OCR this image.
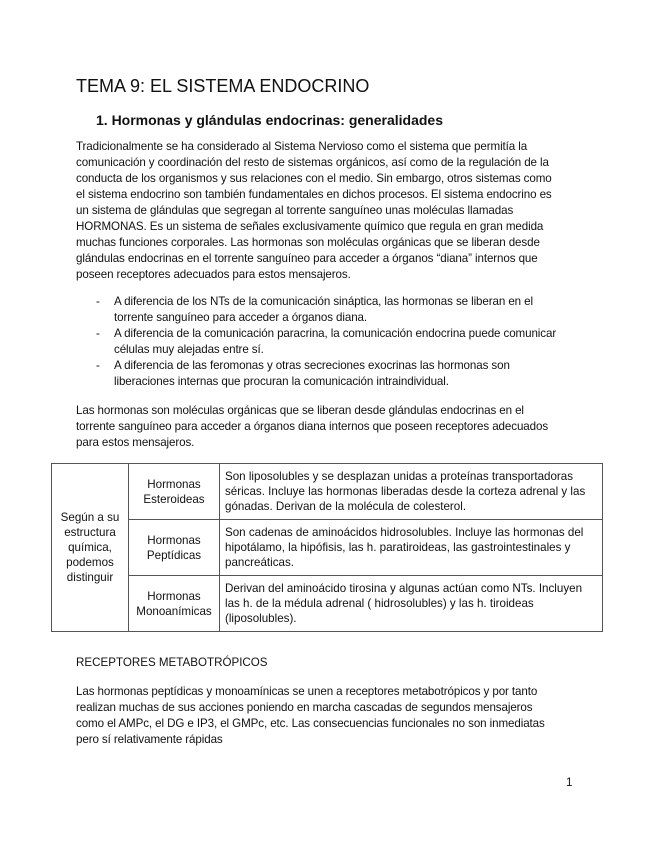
TEMA 9: EL SISTEMA ENDOCRINO
1. Hormonas y glándulas endocrinas: generalidades
Tradicionalmente se ha considerado al Sistema Nervioso como el sistema que permitía la
comunicación y coordinación del resto de sistemas orgánicos, así como de la regulación de la
conducta de los organismos y sus relaciones con el medio. Sin embargo, otros sistemas como
el sistema endocrino son también fundamentales en dichos procesos. El sistema endocrino es
un sistema de glándulas que segregan al torrente sanguíneo unas moléculas llamadas
HORMONAS. Es un sistema de señales exclusivamente químico que regula en gran medida
muchas funciones corporales. Las hormonas son moléculas orgánicas que se liberan desde
glándulas endocrinas en el torrente sanguíneo para acceder a órganos “diana” internos que
poseen receptores adecuados para estos mensajeros.
- A diferencia de los NTs de la comunicación sináptica, las hormonas se liberan en el
torrente sanguíneo para acceder a órganos diana.
- A diferencia de la comunicación paracrina, la comunicación endocrina puede comunicar
células muy alejadas entre sí.
- A diferencia de las feromonas y otras secreciones exocrinas las hormonas son
liberaciones internas que procuran la comunicación intraindividual.
Las hormonas son moléculas orgánicas que se liberan desde glándulas endocrinas en el
torrente sanguíneo para acceder a órganos diana internos que poseen receptores adecuados
para estos mensajeros.
Según a su estructura química, podemos distinguir	Hormonas Esteroideas	Son liposolubles y se desplazan unidas a proteínas transportadoras séricas. Incluye las hormonas liberadas desde la corteza adrenal y las gónadas. Derivan de la molécula de colesterol.
	Hormonas Peptídicas	Son cadenas de aminoácidos hidrosolubles. Incluye las hormonas del hipotálamo, la hipófisis, las h. paratiroideas, las gastrointestinales y pancreáticas.
	Hormonas Monoanímicas	Derivan del aminoácido tirosina y algunas actúan como NTs. Incluyen las h. de la médula adrenal ( hidrosolubles) y las h. tiroideas (liposolubles).
RECEPTORES METABOTRÓPICOS
Las hormonas peptídicas y monoamínicas se unen a receptores metabotrópicos y por tanto
realizan muchas de sus acciones poniendo en marcha cascadas de segundos mensajeros
como el AMPc, el DG e IP3, el GMPc, etc. Las consecuencias funcionales no son inmediatas
pero sí relativamente rápidas
1
